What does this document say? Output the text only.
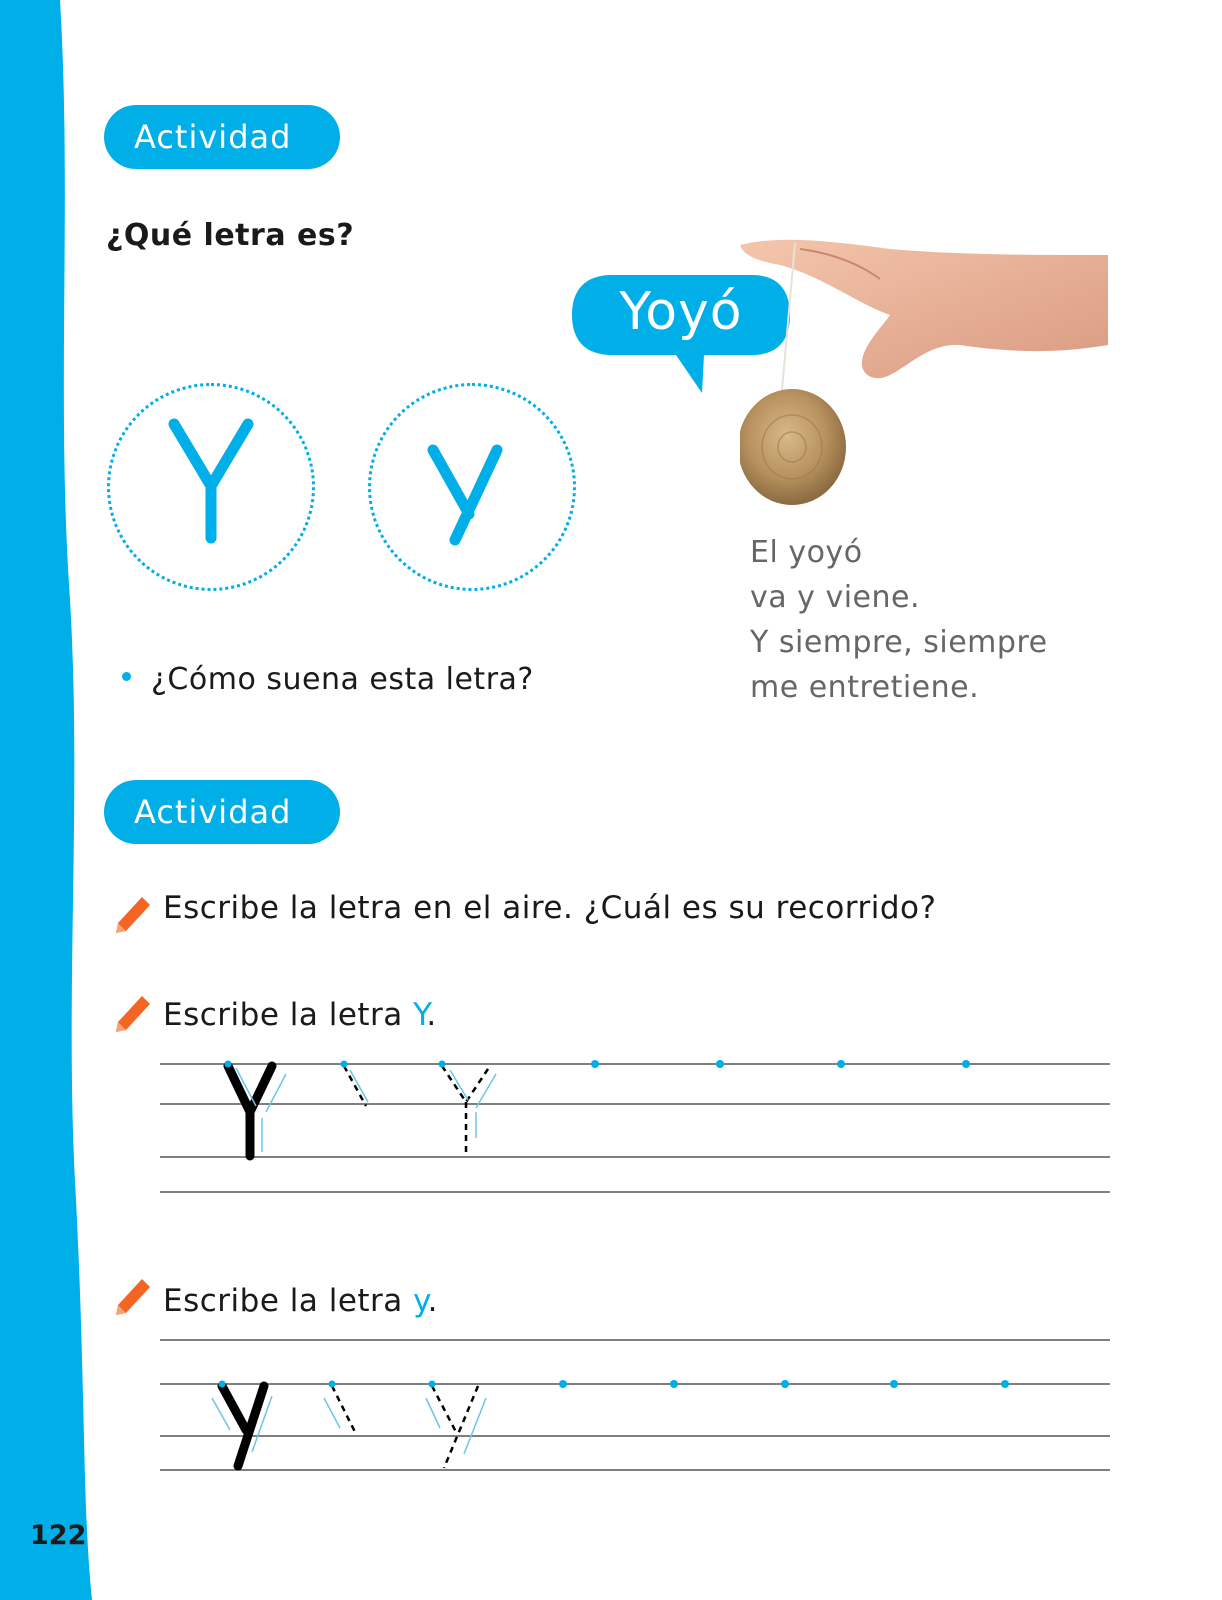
122
Actividad 4
¿Qué letra es?
¿Cómo suena esta letra?
Yoyó
El yoyó
va y viene.
Y siempre, siempre
me entretiene.
Actividad 5
Escribe la letra en el aire. ¿Cuál es su recorrido?
Escribe la letra Y.
Escribe la letra y.
